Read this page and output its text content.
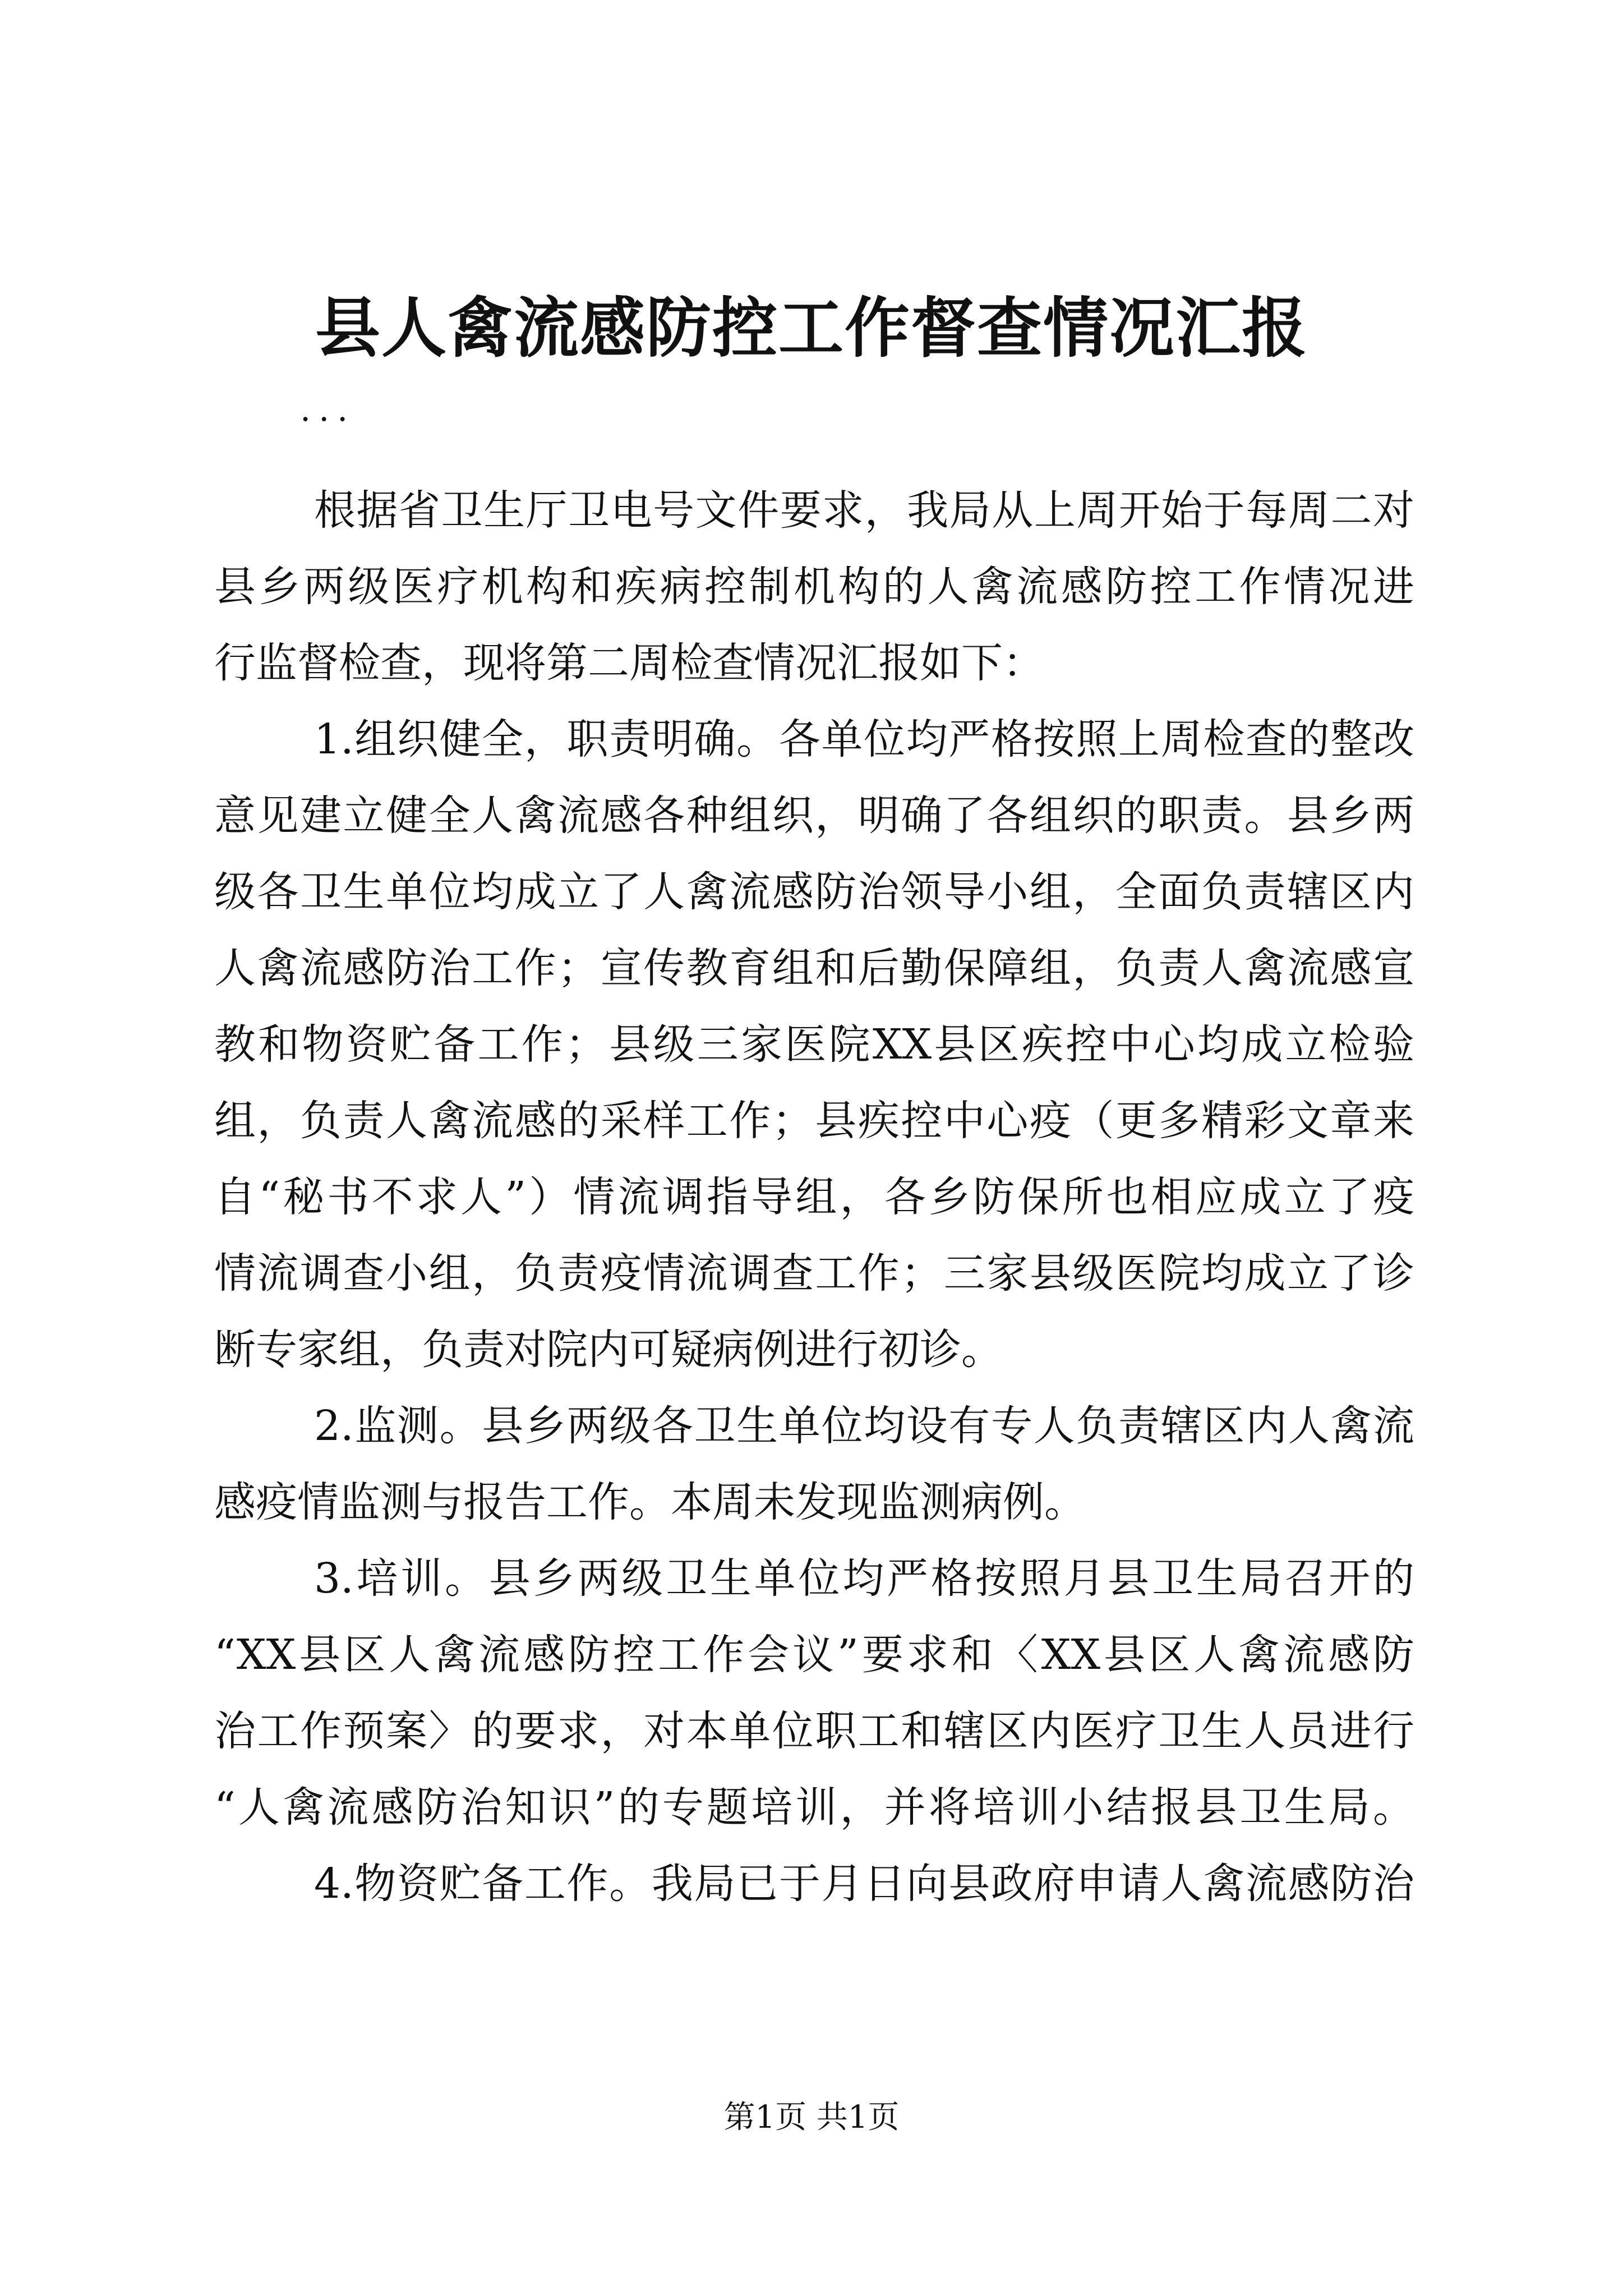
县人禽流感防控工作督查情况汇报
...
根据省卫生厅卫电号文件要求，我局从上周开始于每周二对
县乡两级医疗机构和疾病控制机构的人禽流感防控工作情况进
行监督检查，现将第二周检查情况汇报如下：
1.组织健全，职责明确。各单位均严格按照上周检查的整改
意见建立健全人禽流感各种组织，明确了各组织的职责。县乡两
级各卫生单位均成立了人禽流感防治领导小组，全面负责辖区内
人禽流感防治工作；宣传教育组和后勤保障组，负责人禽流感宣
教和物资贮备工作；县级三家医院XX县区疾控中心均成立检验
组，负责人禽流感的采样工作；县疾控中心疫（更多精彩文章来
自“秘书不求人”）情流调指导组，各乡防保所也相应成立了疫
情流调查小组，负责疫情流调查工作；三家县级医院均成立了诊
断专家组，负责对院内可疑病例进行初诊。
2.监测。县乡两级各卫生单位均设有专人负责辖区内人禽流
感疫情监测与报告工作。本周未发现监测病例。
3.培训。县乡两级卫生单位均严格按照月县卫生局召开的
“XX县区人禽流感防控工作会议”要求和〈XX县区人禽流感防
治工作预案〉的要求，对本单位职工和辖区内医疗卫生人员进行
“人禽流感防治知识”的专题培训，并将培训小结报县卫生局。
4.物资贮备工作。我局已于月日向县政府申请人禽流感防治
第1页 共1页
